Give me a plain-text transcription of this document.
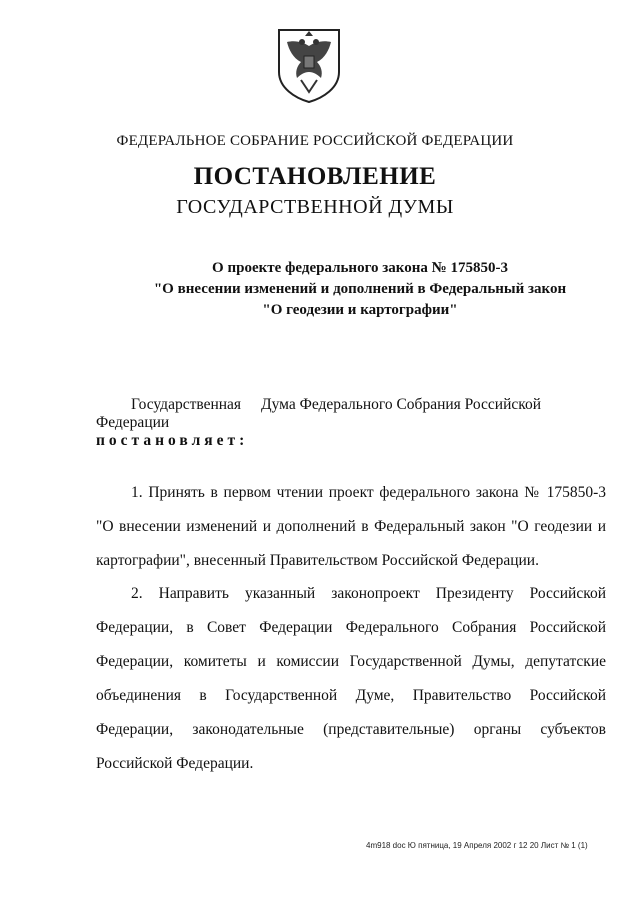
ФЕДЕРАЛЬНОЕ СОБРАНИЕ РОССИЙСКОЙ ФЕДЕРАЦИИ
ПОСТАНОВЛЕНИЕ
ГОСУДАРСТВЕННОЙ ДУМЫ
О проекте федерального закона № 175850-3
"О внесении изменений и дополнений в Федеральный закон
"О геодезии и картографии"
Государственная Дума Федерального Собрания Российской Федерации
постановляет:
1. Принять в первом чтении проект федерального закона № 175850-3 "О внесении изменений и дополнений в Федеральный закон "О геодезии и картографии", внесенный Правительством Российской Федерации.
2. Направить указанный законопроект Президенту Российской Федерации, в Совет Федерации Федерального Собрания Российской Федерации, комитеты и комиссии Государственной Думы, депутатские объединения в Государственной Думе, Правительство Российской Федерации, законодательные (представительные) органы субъектов Российской Федерации.
4m918 doc Ю пятница, 19 Апреля 2002 г 12 20 Лист № 1 (1)
